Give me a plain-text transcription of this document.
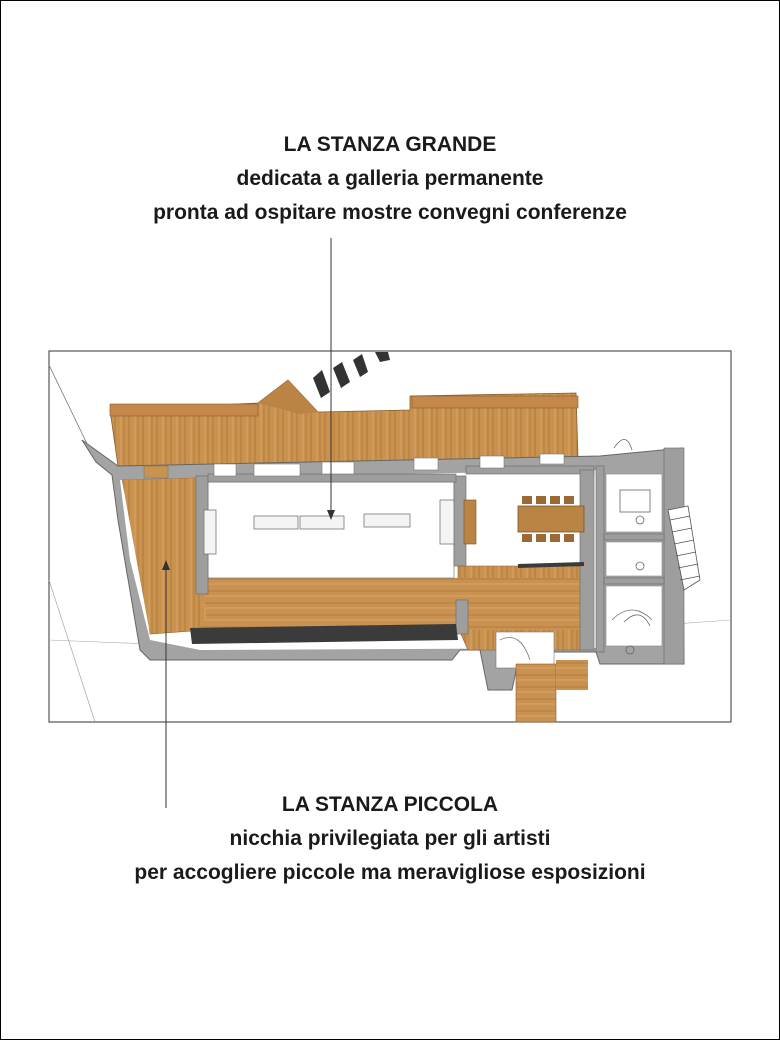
LA STANZA GRANDE
dedicata a galleria permanente
pronta ad ospitare mostre convegni conferenze
LA STANZA PICCOLA
nicchia privilegiata per gli artisti
per accogliere piccole ma meravigliose esposizioni
